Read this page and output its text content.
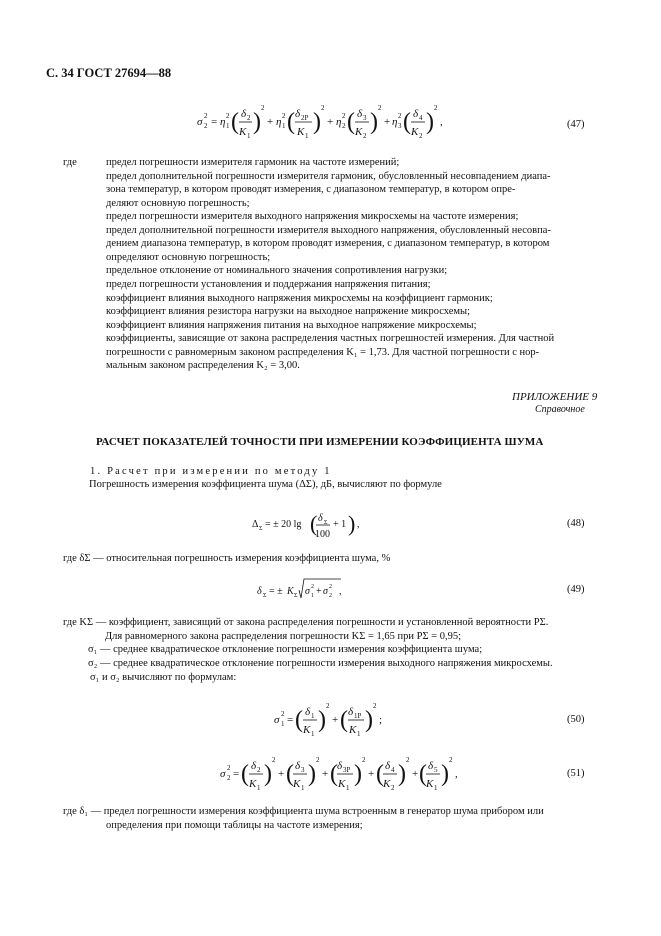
С. 34 ГОСТ 27694—88
σ 2
2 = η 2
1 ( δ 2
K 1
)
2
+ η 2
1 ( δ 2P
K 1
)
2
+ η 2
2 ( δ 3
K 2
)
2
+ η 2
3 ( δ 4
K 2
)
2
,	(47)
где	предел погрешности измерителя гармоник на частоте измерений;
предел дополнительной погрешности измерителя гармоник, обусловленный несовпадением диапа-
зона температур, в котором проводят измерения, с диапазоном температур, в котором опре-
деляют основную погрешность;
предел погрешности измерителя выходного напряжения микросхемы на частоте измерения;
предел дополнительной погрешности измерителя выходного напряжения, обусловленный несовпа-
дением диапазона температур, в котором проводят измерения, с диапазоном температур, в котором
определяют основную погрешность;
предельное отклонение от номинального значения сопротивления нагрузки;
предел погрешности установления и поддержания напряжения питания;
коэффициент влияния выходного напряжения микросхемы на коэффициент гармоник;
коэффициент влияния резистора нагрузки на выходное напряжение микросхемы;
коэффициент влияния напряжения питания на выходное напряжение микросхемы;
коэффициенты, зависящие от закона распределения частных погрешностей измерения. Для частной
погрешности с равномерным законом распределения K₁ = 1,73. Для частной погрешности с нор-
мальным законом распределения K₂ = 3,00.
ПРИЛОЖЕНИЕ 9
Справочное
РАСЧЕТ ПОКАЗАТЕЛЕЙ ТОЧНОСТИ ПРИ ИЗМЕРЕНИИ КОЭФФИЦИЕНТА ШУМА
1. Расчет при измерении по методу 1
Погрешность измерения коэффициента шума (ΔΣ), дБ, вычисляют по формуле
Δ Σ = ± 20 lg ( δ Σ
100
+ 1 ) ,	(48)
где δΣ — относительная погрешность измерения коэффициента шума, %
δ Σ = ± K Σ σ 2
1 + σ 2
2 ,	(49)
где KΣ — коэффициент, зависящий от закона распределения погрешности и установленной вероятности PΣ.
Для равномерного закона распределения погрешности KΣ = 1,65 при PΣ = 0,95;
σ₁ — среднее квадратическое отклонение погрешности измерения коэффициента шума;
σ₂ — среднее квадратическое отклонение погрешности измерения выходного напряжения микросхемы.
σ₁ и σ₂ вычисляют по формулам:
σ 2
1 = ( δ 1
K 1
)
2
+ ( δ 1P
K 1
)
2
;	(50)
σ 2
2 = ( δ 2
K 1
)
2
+ ( δ 3
K 1
)
2
+ ( δ 3P
K 1
)
2
+ ( δ 4
K 2
)
2
+ ( δ 5
K 1
)
2
,	(51)
где δ₁ — предел погрешности измерения коэффициента шума встроенным в генератор шума прибором или
определения при помощи таблицы на частоте измерения;
